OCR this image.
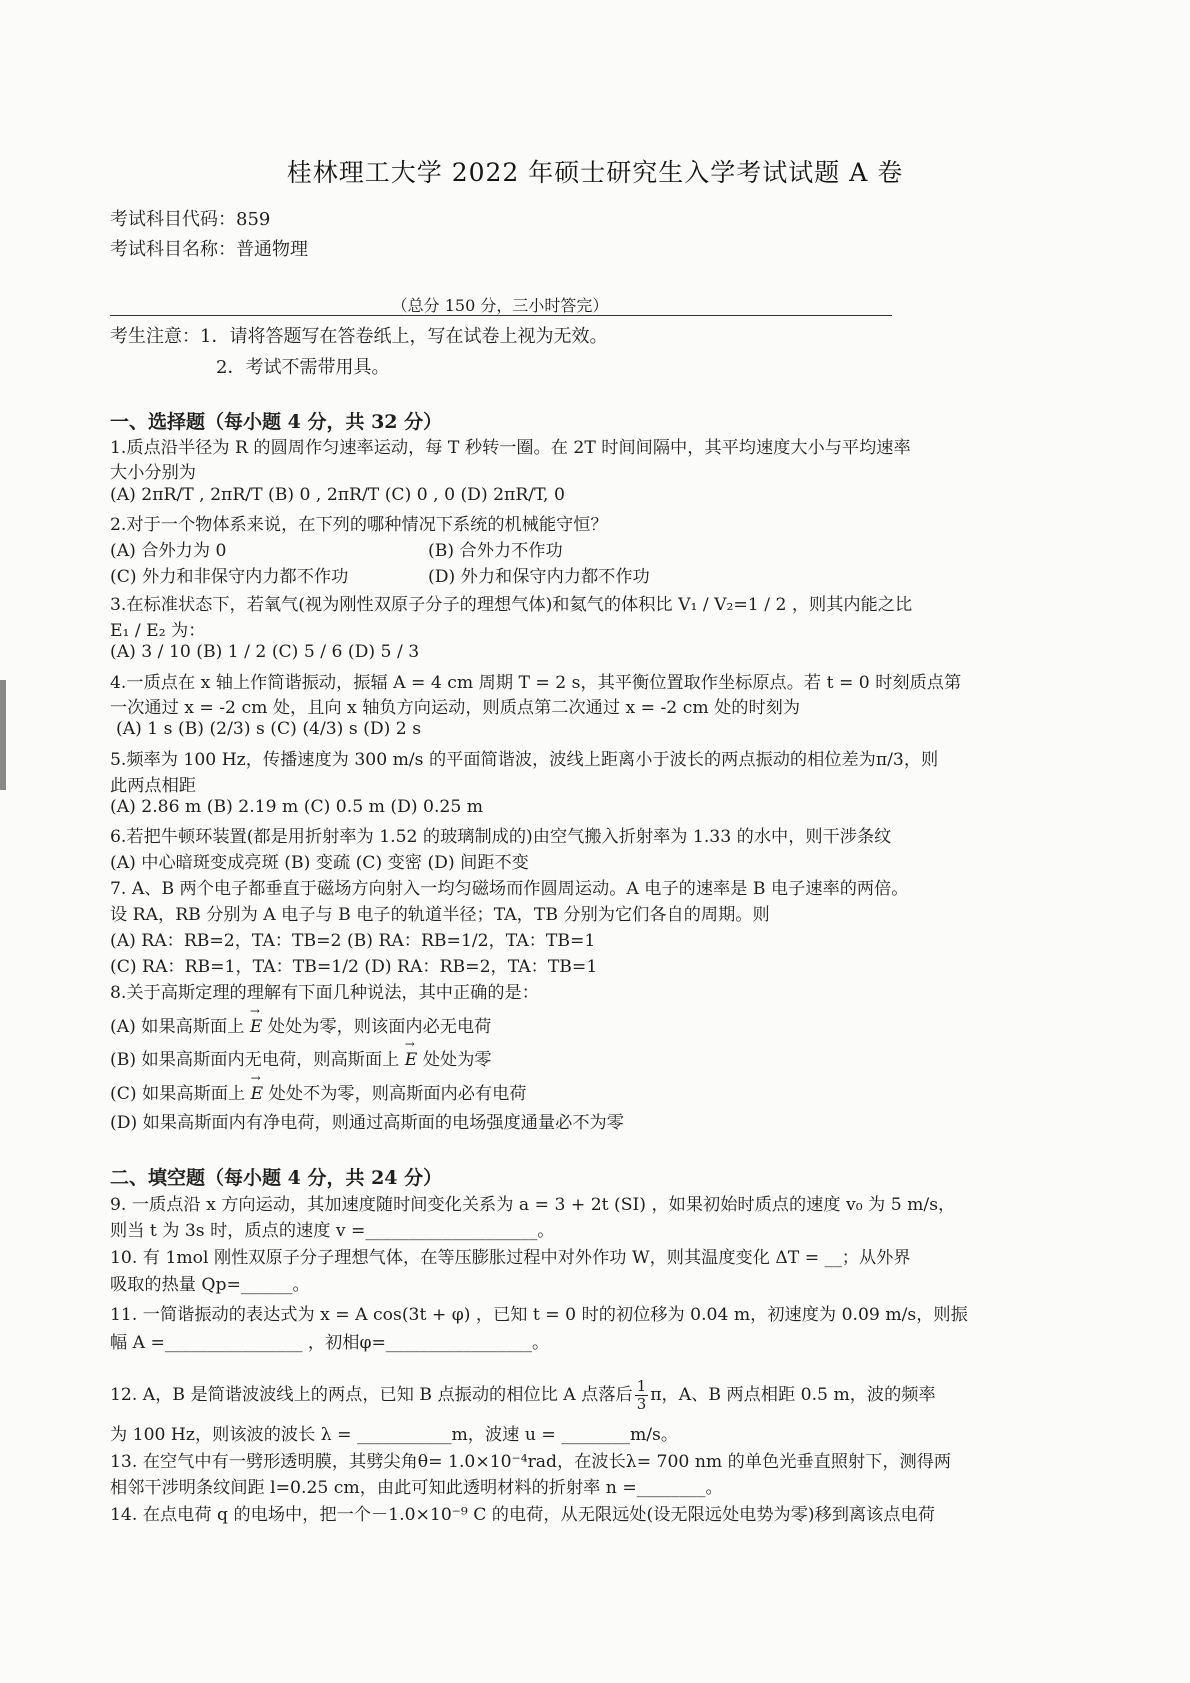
桂林理工大学 2022 年硕士研究生入学考试试题 A 卷
考试科目代码：859
考试科目名称：普通物理
（总分 150 分，三小时答完）
考生注意：1．请将答题写在答卷纸上，写在试卷上视为无效。
2．考试不需带用具。
一、选择题（每小题 4 分，共 32 分）
1.质点沿半径为 R 的圆周作匀速率运动，每 T 秒转一圈。在 2T 时间间隔中，其平均速度大小与平均速率
大小分别为
(A) 2πR/T , 2πR/T (B) 0 , 2πR/T (C) 0 , 0 (D) 2πR/T, 0
2.对于一个物体系来说，在下列的哪种情况下系统的机械能守恒？
(A) 合外力为 0	(B) 合外力不作功
(C) 外力和非保守内力都不作功	(D) 外力和保守内力都不作功
3.在标准状态下，若氧气(视为刚性双原子分子的理想气体)和氦气的体积比 V₁ / V₂=1 / 2 ，则其内能之比
E₁ / E₂ 为：
(A) 3 / 10 (B) 1 / 2 (C) 5 / 6 (D) 5 / 3
4.一质点在 x 轴上作简谐振动，振辐 A = 4 cm 周期 T = 2 s，其平衡位置取作坐标原点。若 t = 0 时刻质点第
一次通过 x = -2 cm 处，且向 x 轴负方向运动，则质点第二次通过 x = -2 cm 处的时刻为
(A) 1 s (B) (2/3) s (C) (4/3) s (D) 2 s
5.频率为 100 Hz，传播速度为 300 m/s 的平面简谐波，波线上距离小于波长的两点振动的相位差为π/3，则
此两点相距
(A) 2.86 m (B) 2.19 m (C) 0.5 m (D) 0.25 m
6.若把牛顿环装置(都是用折射率为 1.52 的玻璃制成的)由空气搬入折射率为 1.33 的水中，则干涉条纹
(A) 中心暗斑变成亮斑 (B) 变疏 (C) 变密 (D) 间距不变
7. A、B 两个电子都垂直于磁场方向射入一均匀磁场而作圆周运动。A 电子的速率是 B 电子速率的两倍。
设 RA，RB 分别为 A 电子与 B 电子的轨道半径；TA，TB 分别为它们各自的周期。则
(A) RA：RB=2，TA：TB=2 (B) RA：RB=1/2，TA：TB=1
(C) RA：RB=1，TA：TB=1/2 (D) RA：RB=2，TA：TB=1
8.关于高斯定理的理解有下面几种说法，其中正确的是：
(A) 如果高斯面上 → E 处处为零，则该面内必无电荷
(B) 如果高斯面内无电荷，则高斯面上 → E 处处为零
(C) 如果高斯面上 → E 处处不为零，则高斯面内必有电荷
(D) 如果高斯面内有净电荷，则通过高斯面的电场强度通量必不为零
二、填空题（每小题 4 分，共 24 分）
9. 一质点沿 x 方向运动，其加速度随时间变化关系为 a = 3 + 2t (SI) ，如果初始时质点的速度 v₀ 为 5 m/s，
则当 t 为 3s 时，质点的速度 v =____________________。
10. 有 1mol 刚性双原子分子理想气体，在等压膨胀过程中对外作功 W，则其温度变化 ΔT = __；从外界
吸取的热量 Qp=______。
11. 一简谐振动的表达式为 x = A cos(3t + φ) ，已知 t = 0 时的初位移为 0.04 m，初速度为 0.09 m/s，则振
幅 A =________________ ，初相φ=_________________。
12. A，B 是简谐波波线上的两点，已知 B 点振动的相位比 A 点落后 $\frac{1}{3}$ π，A、B 两点相距 0.5 m，波的频率
为 100 Hz，则该波的波长 λ = ___________m，波速 u = ________m/s。
13. 在空气中有一劈形透明膜，其劈尖角θ= 1.0×10⁻⁴rad，在波长λ= 700 nm 的单色光垂直照射下，测得两
相邻干涉明条纹间距 l=0.25 cm，由此可知此透明材料的折射率 n =________。
14. 在点电荷 q 的电场中，把一个－1.0×10⁻⁹ C 的电荷，从无限远处(设无限远处电势为零)移到离该点电荷
